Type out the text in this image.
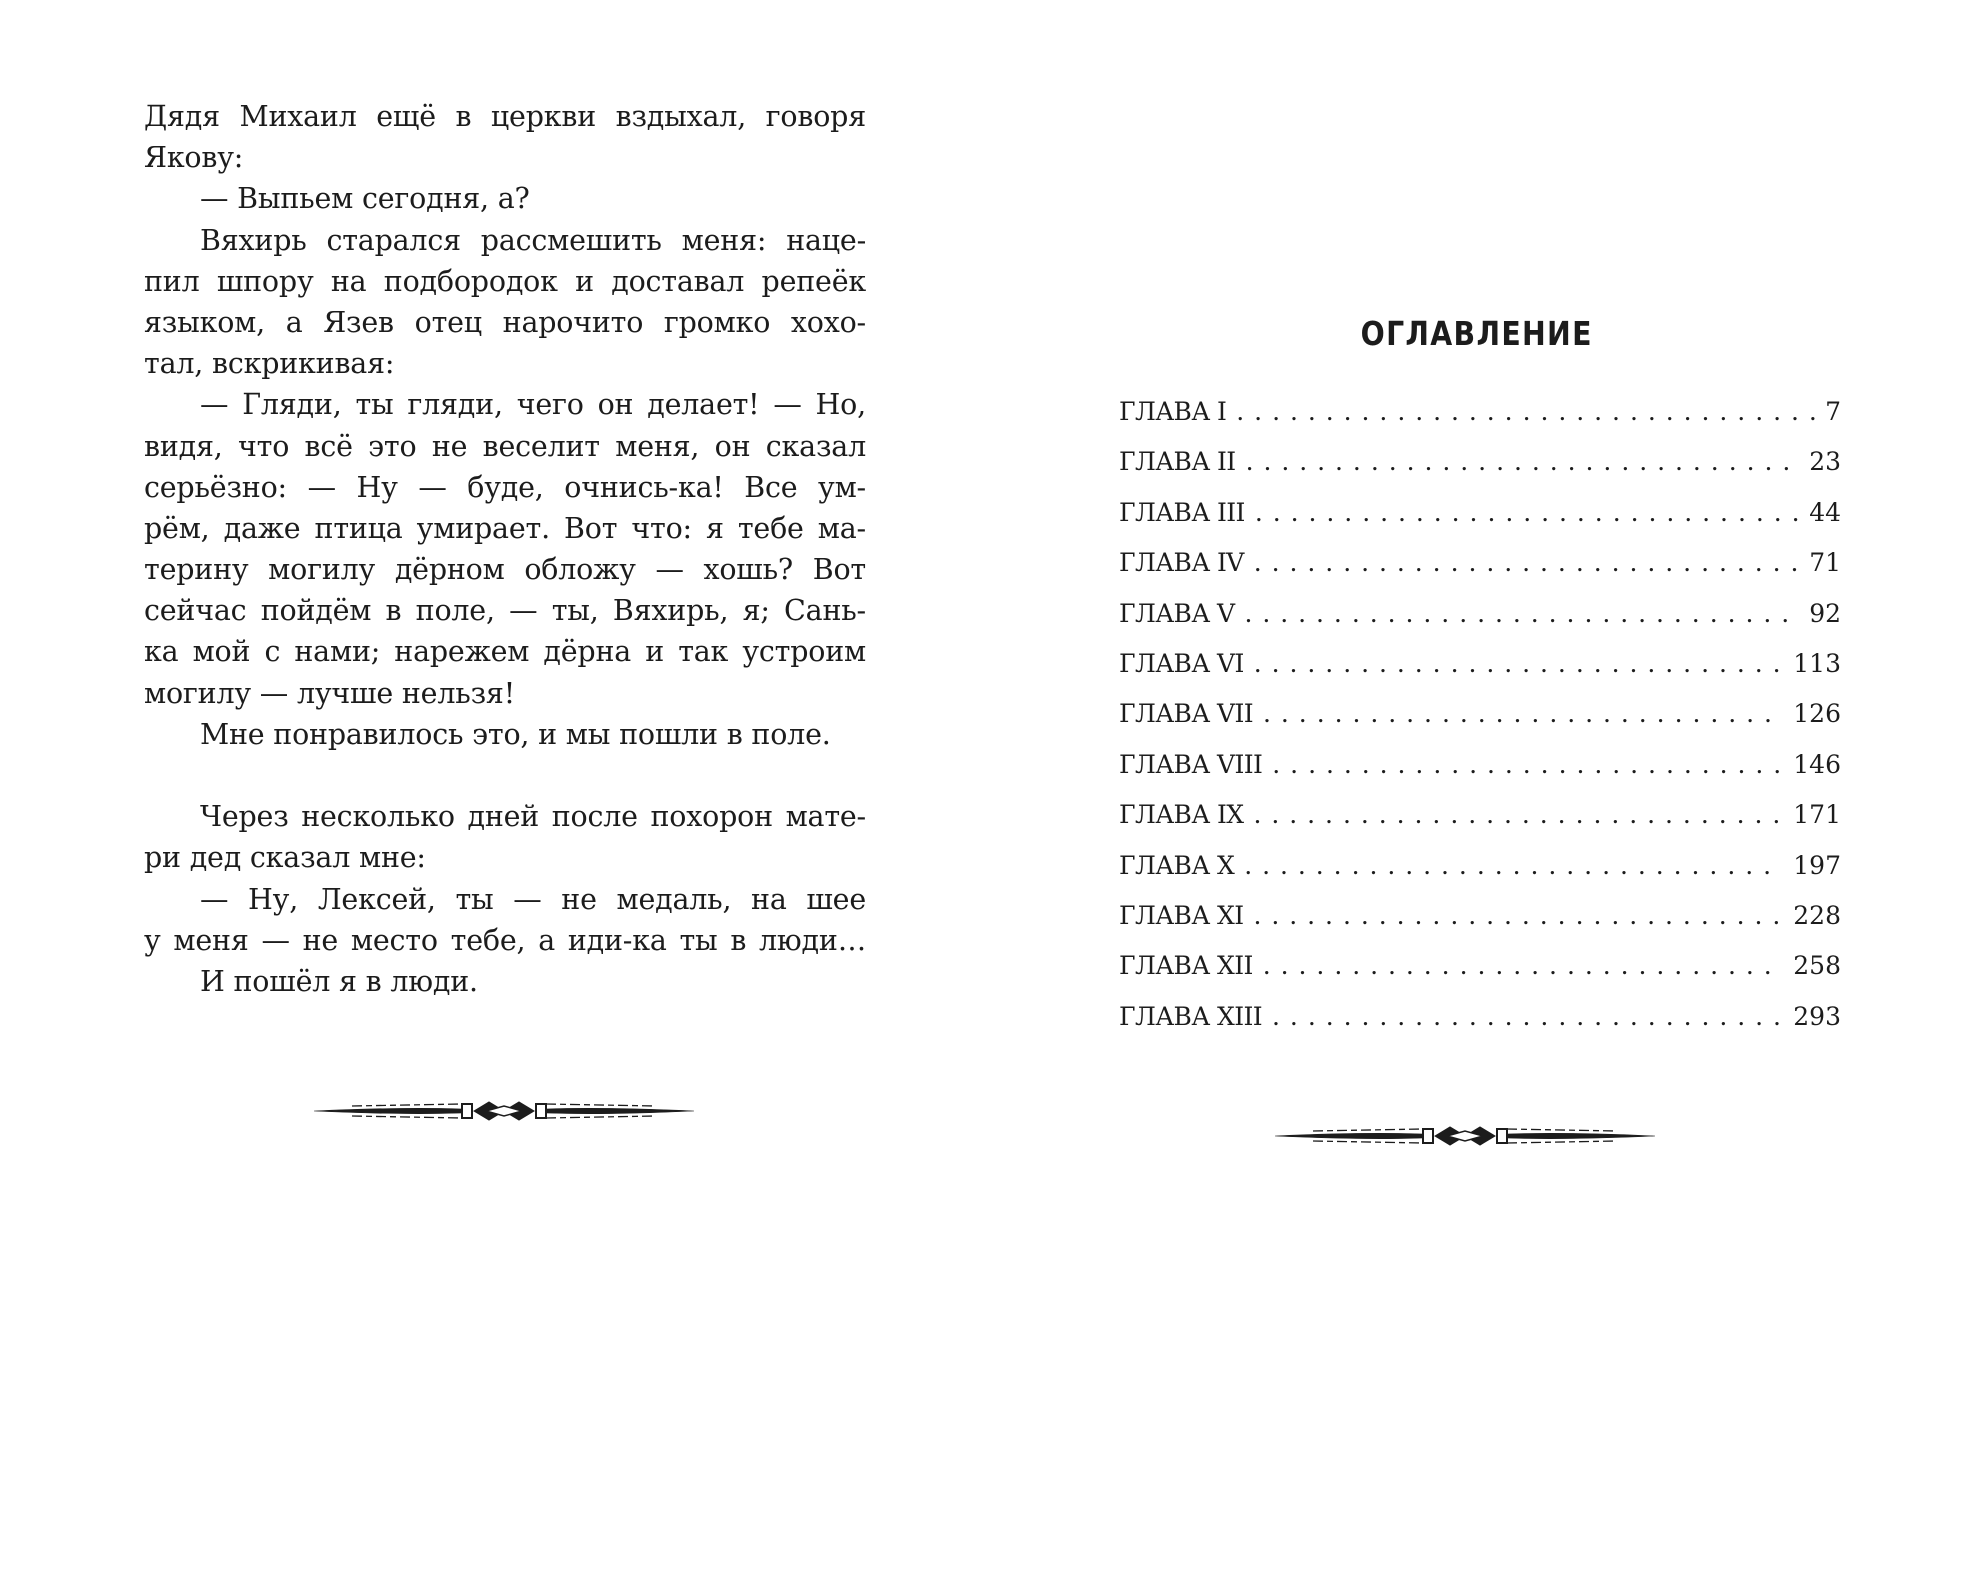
Дядя Михаил ещё в церкви вздыхал, говоря
Якову:
— Выпьем сегодня, а?
Вяхирь старался рассмешить меня: наце-
пил шпору на подбородок и доставал репеёк
языком, а Язев отец нарочито громко хохо-
тал, вскрикивая:
— Гляди, ты гляди, чего он делает! — Но,
видя, что всё это не веселит меня, он сказал
серьёзно: — Ну — буде, очнись-ка! Все ум-
рём, даже птица умирает. Вот что: я тебе ма-
терину могилу дёрном обложу — хошь? Вот
сейчас пойдём в поле, — ты, Вяхирь, я; Сань-
ка мой с нами; нарежем дёрна и так устроим
могилу — лучше нельзя!
Мне понравилось это, и мы пошли в поле.
Через несколько дней после похорон мате-
ри дед сказал мне:
— Ну, Лексей, ты — не медаль, на шее
у меня — не место тебе, а иди-ка ты в люди…
И пошёл я в люди.
ОГЛАВЛЕНИЕ
ГЛАВА I . . .	7
ГЛАВА II . . .	23
ГЛАВА III . . .	44
ГЛАВА IV . . .	71
ГЛАВА V . . .	92
ГЛАВА VI . . .	113
ГЛАВА VII . . .	126
ГЛАВА VIII . . .	146
ГЛАВА IX . . .	171
ГЛАВА X . . .	197
ГЛАВА XI . . .	228
ГЛАВА XII . . .	258
ГЛАВА XIII . . .	293
